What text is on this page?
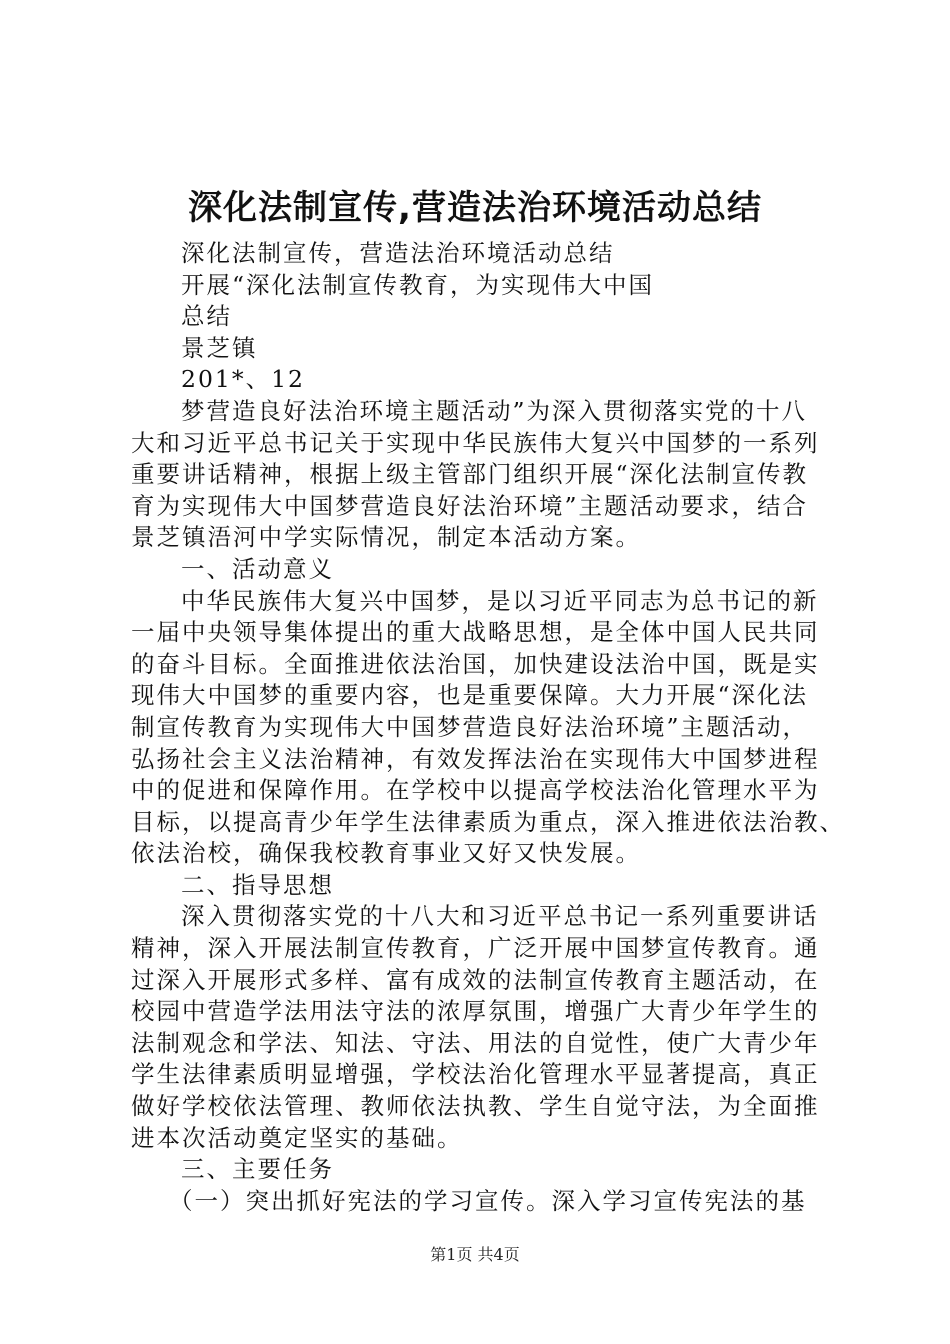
深化法制宣传,营造法治环境活动总结

深化法制宣传，营造法治环境活动总结

开展“深化法制宣传教育，为实现伟大中国

总结

景芝镇

201*、12

梦营造良好法治环境主题活动”为深入贯彻落实党的十八

大和习近平总书记关于实现中华民族伟大复兴中国梦的一系列

重要讲话精神，根据上级主管部门组织开展“深化法制宣传教

育为实现伟大中国梦营造良好法治环境”主题活动要求，结合

景芝镇浯河中学实际情况，制定本活动方案。

一、活动意义

中华民族伟大复兴中国梦，是以习近平同志为总书记的新

一届中央领导集体提出的重大战略思想，是全体中国人民共同

的奋斗目标。全面推进依法治国，加快建设法治中国，既是实

现伟大中国梦的重要内容，也是重要保障。大力开展“深化法

制宣传教育为实现伟大中国梦营造良好法治环境”主题活动，

弘扬社会主义法治精神，有效发挥法治在实现伟大中国梦进程

中的促进和保障作用。在学校中以提高学校法治化管理水平为

目标，以提高青少年学生法律素质为重点，深入推进依法治教、

依法治校，确保我校教育事业又好又快发展。

二、指导思想

深入贯彻落实党的十八大和习近平总书记一系列重要讲话

精神，深入开展法制宣传教育，广泛开展中国梦宣传教育。通

过深入开展形式多样、富有成效的法制宣传教育主题活动，在

校园中营造学法用法守法的浓厚氛围，增强广大青少年学生的

法制观念和学法、知法、守法、用法的自觉性，使广大青少年

学生法律素质明显增强，学校法治化管理水平显著提高，真正

做好学校依法管理、教师依法执教、学生自觉守法，为全面推

进本次活动奠定坚实的基础。

三、主要任务

（一）突出抓好宪法的学习宣传。深入学习宣传宪法的基

第1页 共4页
